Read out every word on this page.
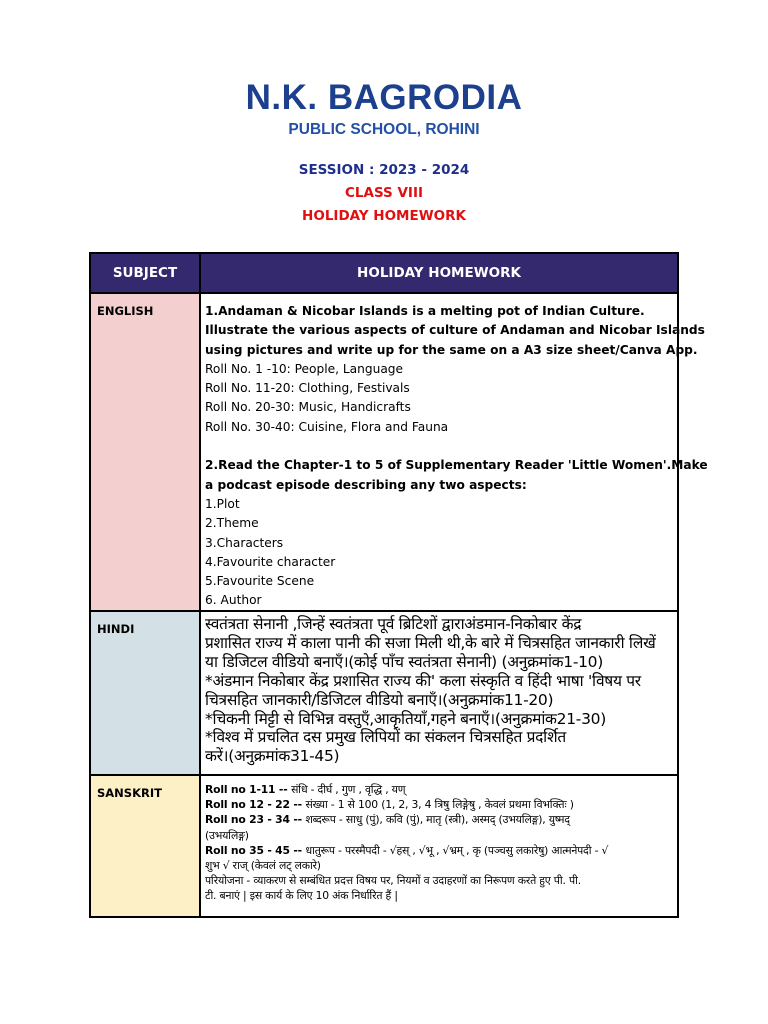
N.K. BAGRODIA
PUBLIC SCHOOL, ROHINI
SESSION : 2023 - 2024
CLASS VIII
HOLIDAY HOMEWORK
SUBJECT	HOLIDAY HOMEWORK
ENGLISH	1.Andaman & Nicobar Islands is a melting pot of Indian Culture.
Illustrate the various aspects of culture of Andaman and Nicobar Islands
using pictures and write up for the same on a A3 size sheet/Canva App.
Roll No. 1 -10: People, Language
Roll No. 11-20: Clothing, Festivals
Roll No. 20-30: Music, Handicrafts
Roll No. 30-40: Cuisine, Flora and Fauna
2.Read the Chapter-1 to 5 of Supplementary Reader 'Little Women'.Make
a podcast episode describing any two aspects:
1.Plot
2.Theme
3.Characters
4.Favourite character
5.Favourite Scene
6. Author
HINDI	स्वतंत्रता सेनानी ,जिन्हें स्वतंत्रता पूर्व ब्रिटिशों द्वाराअंडमान-निकोबार केंद्र
प्रशासित राज्य में काला पानी की सजा मिली थी,के बारे में चित्रसहित जानकारी लिखें
या डिजिटल वीडियो बनाएँ।(कोई पाँच स्वतंत्रता सेनानी) (अनुक्रमांक1-10)
*अंडमान निकोबार केंद्र प्रशासित राज्य की' कला संस्कृति व हिंदी भाषा 'विषय पर
चित्रसहित जानकारी/डिजिटल वीडियो बनाएँ।(अनुक्रमांक11-20)
*चिकनी मिट्टी से विभिन्न वस्तुएँ,आकृतियाँ,गहने बनाएँ।(अनुक्रमांक21-30)
*विश्व में प्रचलित दस प्रमुख लिपियों का संकलन चित्रसहित प्रदर्शित
करें।(अनुक्रमांक31-45)
SANSKRIT	Roll no 1-11 -- संधि - दीर्घ , गुण , वृद्धि , यण्
Roll no 12 - 22 -- संख्या - 1 से 100 (1, 2, 3, 4 त्रिषु लिङ्गेषु , केवलं प्रथमा विभक्तिः )
Roll no 23 - 34 -- शब्दरूप - साधु (पुं), कवि (पुं), मातृ (स्त्री), अस्मद् (उभयलिङ्ग), युष्मद्
(उभयलिङ्ग)
Roll no 35 - 45 -- धातुरूप - परस्मैपदी - √हस् , √भू , √भ्रम् , कृ (पञ्चसु लकारेषु) आत्मनेपदी - √
शुभ √ राज् (केवलं लट् लकारे)
परियोजना - व्याकरण से सम्बंधित प्रदत्त विषय पर, नियमों व उदाहरणों का निरूपण करते हुए पी. पी.
टी. बनाएं | इस कार्य के लिए 10 अंक निर्धारित हैं |
